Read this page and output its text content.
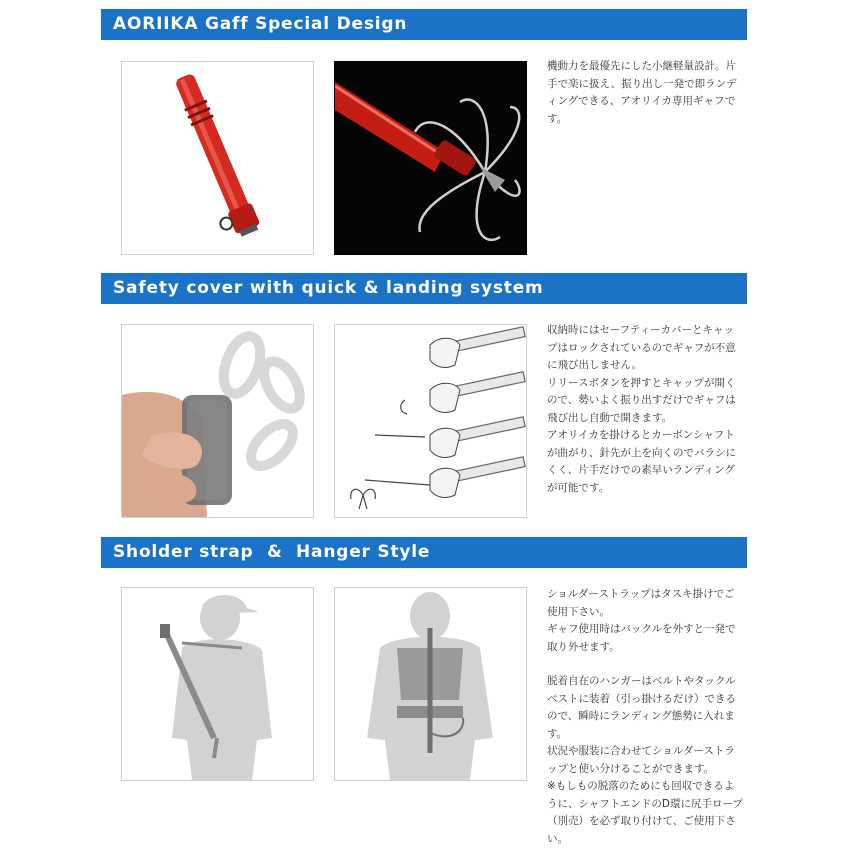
AORIIKA Gaff Special Design

機動力を最優先にした小継軽量設計。片手で楽に扱え、振り出し一発で即ランディングできる、アオリイカ専用ギャフです。

Safety cover with quick & landing system

収納時にはセーフティーカバーとキャップはロックされているのでギャフが不意に飛び出しません。

リリースボタンを押すとキャップが開くので、勢いよく振り出すだけでギャフは飛び出し自動で開きます。

アオリイカを掛けるとカーボンシャフトが曲がり、針先が上を向くのでバラシにくく、片手だけでの素早いランディングが可能です。

Sholder strap  &  Hanger Style

ショルダーストラップはタスキ掛けでご使用下さい。

ギャフ使用時はバックルを外すと一発で取り外せます。

脱着自在のハンガーはベルトやタックルベストに装着（引っ掛けるだけ）できるので、瞬時にランディング態勢に入れます。

状況や服装に合わせてショルダーストラップと使い分けることができます。

※もしもの脱落のためにも回収できるように、シャフトエンドのD環に尻手ロープ（別売）を必ず取り付けて、ご使用下さい。
